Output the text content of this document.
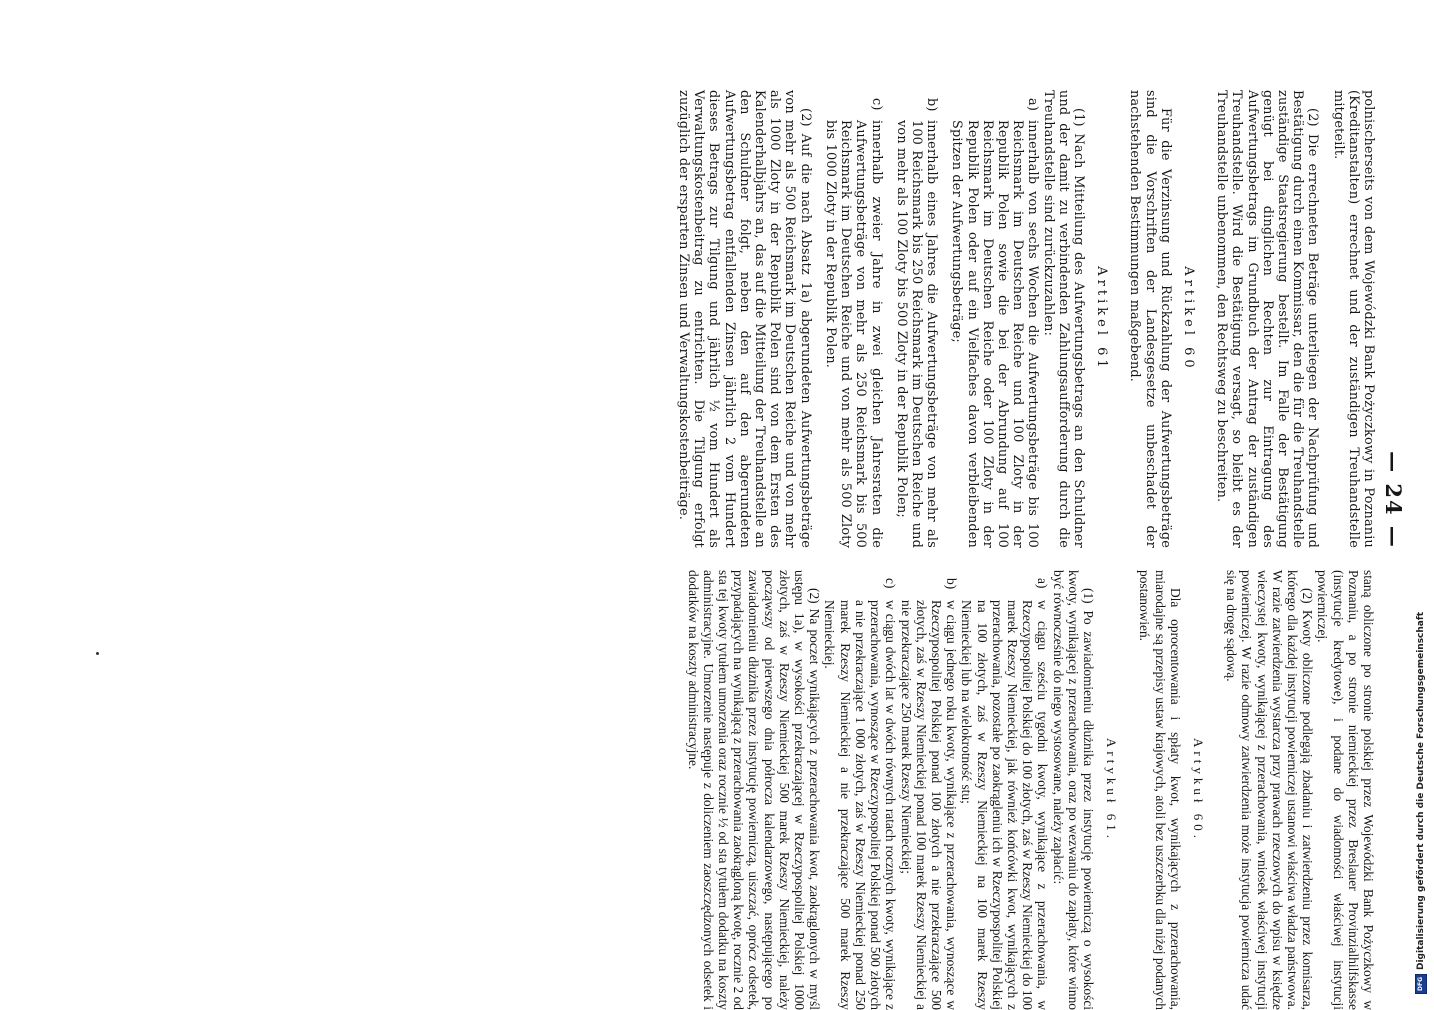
— 24 —

polnischerseits von dem Wojewódzki Bank Pożyczkowy in Poznaniu (Kreditanstalten) errechnet und der zuständigen Treuhandstelle mitgeteilt.

(2) Die errechneten Beträge unterliegen der Nachprüfung und Bestätigung durch einen Kommissar, den die für die Treuhandstelle zuständige Staatsregierung bestellt. Im Falle der Bestätigung genügt bei dinglichen Rechten zur Eintragung des Aufwertungsbetrags im Grundbuch der Antrag der zuständigen Treuhandstelle. Wird die Bestätigung versagt, so bleibt es der Treuhandstelle unbenommen, den Rechtsweg zu beschreiten.

Artikel 60

Für die Verzinsung und Rückzahlung der Aufwertungsbeträge sind die Vorschriften der Landesgesetze unbeschadet der nachstehenden Bestimmungen maßgebend.

Artikel 61

(1) Nach Mitteilung des Aufwertungsbetrags an den Schuldner und der damit zu verbindenden Zahlungsaufforderung durch die Treuhandstelle sind zurückzuzahlen:

a)
innerhalb von sechs Wochen die Aufwertungsbeträge bis 100 Reichsmark im Deutschen Reiche und 100 Zloty in der Republik Polen sowie die bei der Abrundung auf 100 Reichsmark im Deutschen Reiche oder 100 Zloty in der Republik Polen oder auf ein Vielfaches davon verbleibenden Spitzen der Aufwertungsbeträge;

b)
innerhalb eines Jahres die Aufwertungsbeträge von mehr als 100 Reichsmark bis 250 Reichsmark im Deutschen Reiche und von mehr als 100 Zloty bis 500 Zloty in der Republik Polen;

c)
innerhalb zweier Jahre in zwei gleichen Jahresraten die Aufwertungsbeträge von mehr als 250 Reichsmark bis 500 Reichsmark im Deutschen Reiche und von mehr als 500 Zloty bis 1000 Zloty in der Republik Polen.

(2) Auf die nach Absatz 1a) abgerundeten Aufwertungsbeträge von mehr als 500 Reichsmark im Deutschen Reiche und von mehr als 1000 Zloty in der Republik Polen sind von dem Ersten des Kalenderhalbjahrs an, das auf die Mitteilung der Treuhandstelle an den Schuldner folgt, neben den auf den abgerundeten Aufwertungsbetrag entfallenden Zinsen jährlich 2 vom Hundert dieses Betrags zur Tilgung und jährlich ½ vom Hundert als Verwaltungskostenbeitrag zu entrichten. Die Tilgung erfolgt zuzüglich der ersparten Zinsen und Verwaltungskostenbeiträge.

staną obliczone po stronie polskiej przez Wojewódzki Bank Pożyczkowy w Poznaniu, a po stronie niemieckiej przez Breslauer Provinzialhilfskasse (instytucje kredytowe), i podane do wiadomości właściwej instytucji powierniczej.

(2) Kwoty obliczone podlegają zbadaniu i zatwierdzeniu przez komisarza, którego dla każdej instytucji powierniczej ustanowi właściwa władza państwowa. W razie zatwierdzenia wystarcza przy prawach rzeczowych do wpisu w księdze wieczystej kwoty, wynikającej z przerachowania, wniosek właściwej instytucji powierniczej. W razie odmowy zatwierdzenia może instytucja powiernicza udać się na drogę sądową.

Artykuł 60.

Dla oprocentowania i spłaty kwot, wynikających z przerachowania, miarodajne są przepisy ustaw krajowych, atoli bez uszczerbku dla niżej podanych postanowień.

Artykuł 61.

(1) Po zawiadomieniu dłużnika przez instytucję powierniczą o wysokości kwoty, wynikającej z przerachowania, oraz po wezwaniu do zapłaty, które winno być równocześnie do niego wystosowane, należy zapłacić:

a)
w ciągu sześciu tygodni kwoty, wynikające z przerachowania, w Rzeczypospolitej Polskiej do 100 złotych, zaś w Rzeszy Niemieckiej do 100 marek Rzeszy Niemieckiej, jak również końcówki kwot, wynikających z przerachowania, pozostałe po zaokrągleniu ich w Rzeczypospolitej Polskiej na 100 złotych, zaś w Rzeszy Niemieckiej na 100 marek Rzeszy Niemieckiej lub na wielokrotność stu;

b)
w ciągu jednego roku kwoty, wynikające z przerachowania, wynoszące w Rzeczypospolitej Polskiej ponad 100 złotych a nie przekraczające 500 złotych, zaś w Rzeszy Niemieckiej ponad 100 marek Rzeszy Niemieckiej a nie przekraczające 250 marek Rzeszy Niemieckiej;

c)
w ciągu dwóch lat w dwóch równych ratach rocznych kwoty, wynikające z przerachowania, wynoszące w Rzeczypospolitej Polskiej ponad 500 złotych a nie przekraczające 1 000 złotych, zaś w Rzeszy Niemieckiej ponad 250 marek Rzeszy Niemieckiej a nie przekraczające 500 marek Rzeszy Niemieckiej.

(2) Na poczet wynikających z przerachowania kwot, zaokrąglonych w myśl ustępu 1a), w wysokości przekraczającej w Rzeczypospolitej Polskiej 1000 złotych, zaś w Rzeszy Niemieckiej 500 marek Rzeszy Niemieckiej, należy począwszy od pierwszego dnia półrocza kalendarzowego, następującego po zawiadomieniu dłużnika przez instytucję powierniczą, uiszczać, oprócz odsetek, przypadających na wynikającą z przerachowania zaokrągloną kwotę, rocznie 2 od sta tej kwoty tytułem umorzenia oraz rocznie ½ od sta tytułem dodatku na koszty administracyjne. Umorzenie następuje z doliczeniem zaoszczędzonych odsetek i dodatków na koszty administracyjne.

DFG
Digitalisierung gefördert durch die Deutsche Forschungsgemeinschaft
